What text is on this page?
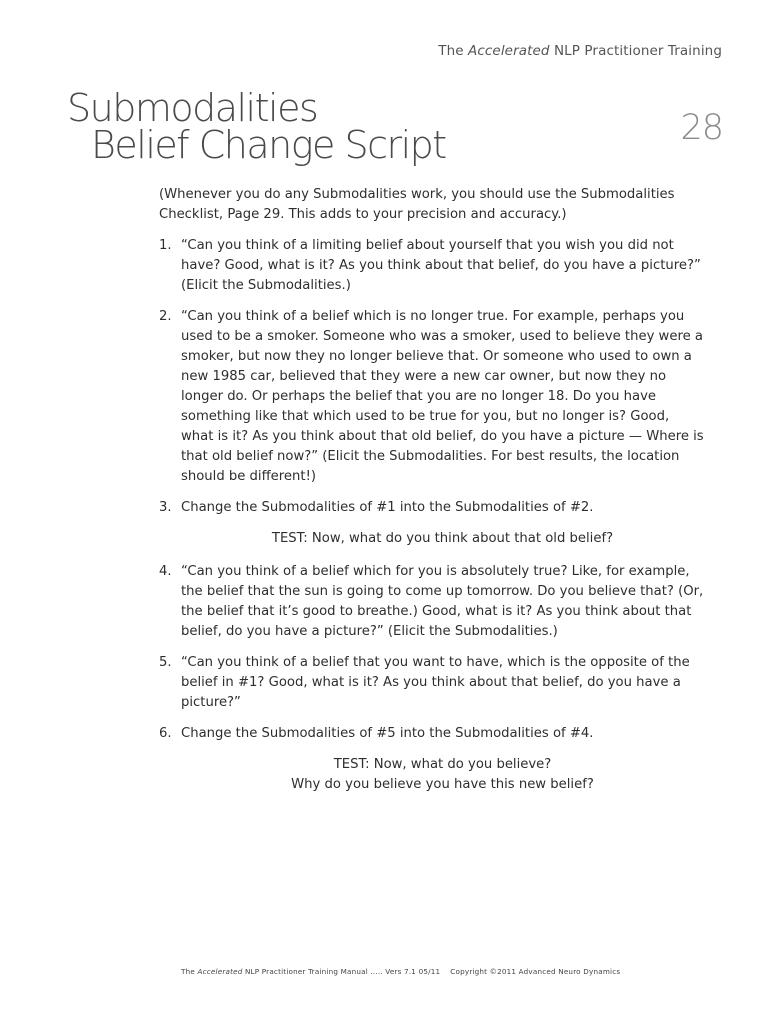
The Accelerated NLP Practitioner Training
Submodalities
Belief Change Script	28

(Whenever you do any Submodalities work, you should use the Submodalities Checklist, Page 29. This adds to your precision and accuracy.)

1. “Can you think of a limiting belief about yourself that you wish you did not have? Good, what is it? As you think about that belief, do you have a picture?” (Elicit the Submodalities.)
2. “Can you think of a belief which is no longer true. For example, perhaps you used to be a smoker. Someone who was a smoker, used to believe they were a smoker, but now they no longer believe that. Or someone who used to own a new 1985 car, believed that they were a new car owner, but now they no longer do. Or perhaps the belief that you are no longer 18. Do you have something like that which used to be true for you, but no longer is? Good, what is it? As you think about that old belief, do you have a picture — Where is that old belief now?” (Elicit the Submodalities. For best results, the location should be different!)
3. Change the Submodalities of #1 into the Submodalities of #2.

TEST: Now, what do you think about that old belief?

4. “Can you think of a belief which for you is absolutely true? Like, for example, the belief that the sun is going to come up tomorrow. Do you believe that? (Or, the belief that it’s good to breathe.) Good, what is it? As you think about that belief, do you have a picture?” (Elicit the Submodalities.)
5. “Can you think of a belief that you want to have, which is the opposite of the belief in #1? Good, what is it? As you think about that belief, do you have a picture?”
6. Change the Submodalities of #5 into the Submodalities of #4.

TEST: Now, what do you believe?
Why do you believe you have this new belief?

The Accelerated NLP Practitioner Training Manual ..... Vers 7.1 05/11 Copyright ©2011 Advanced Neuro Dynamics
